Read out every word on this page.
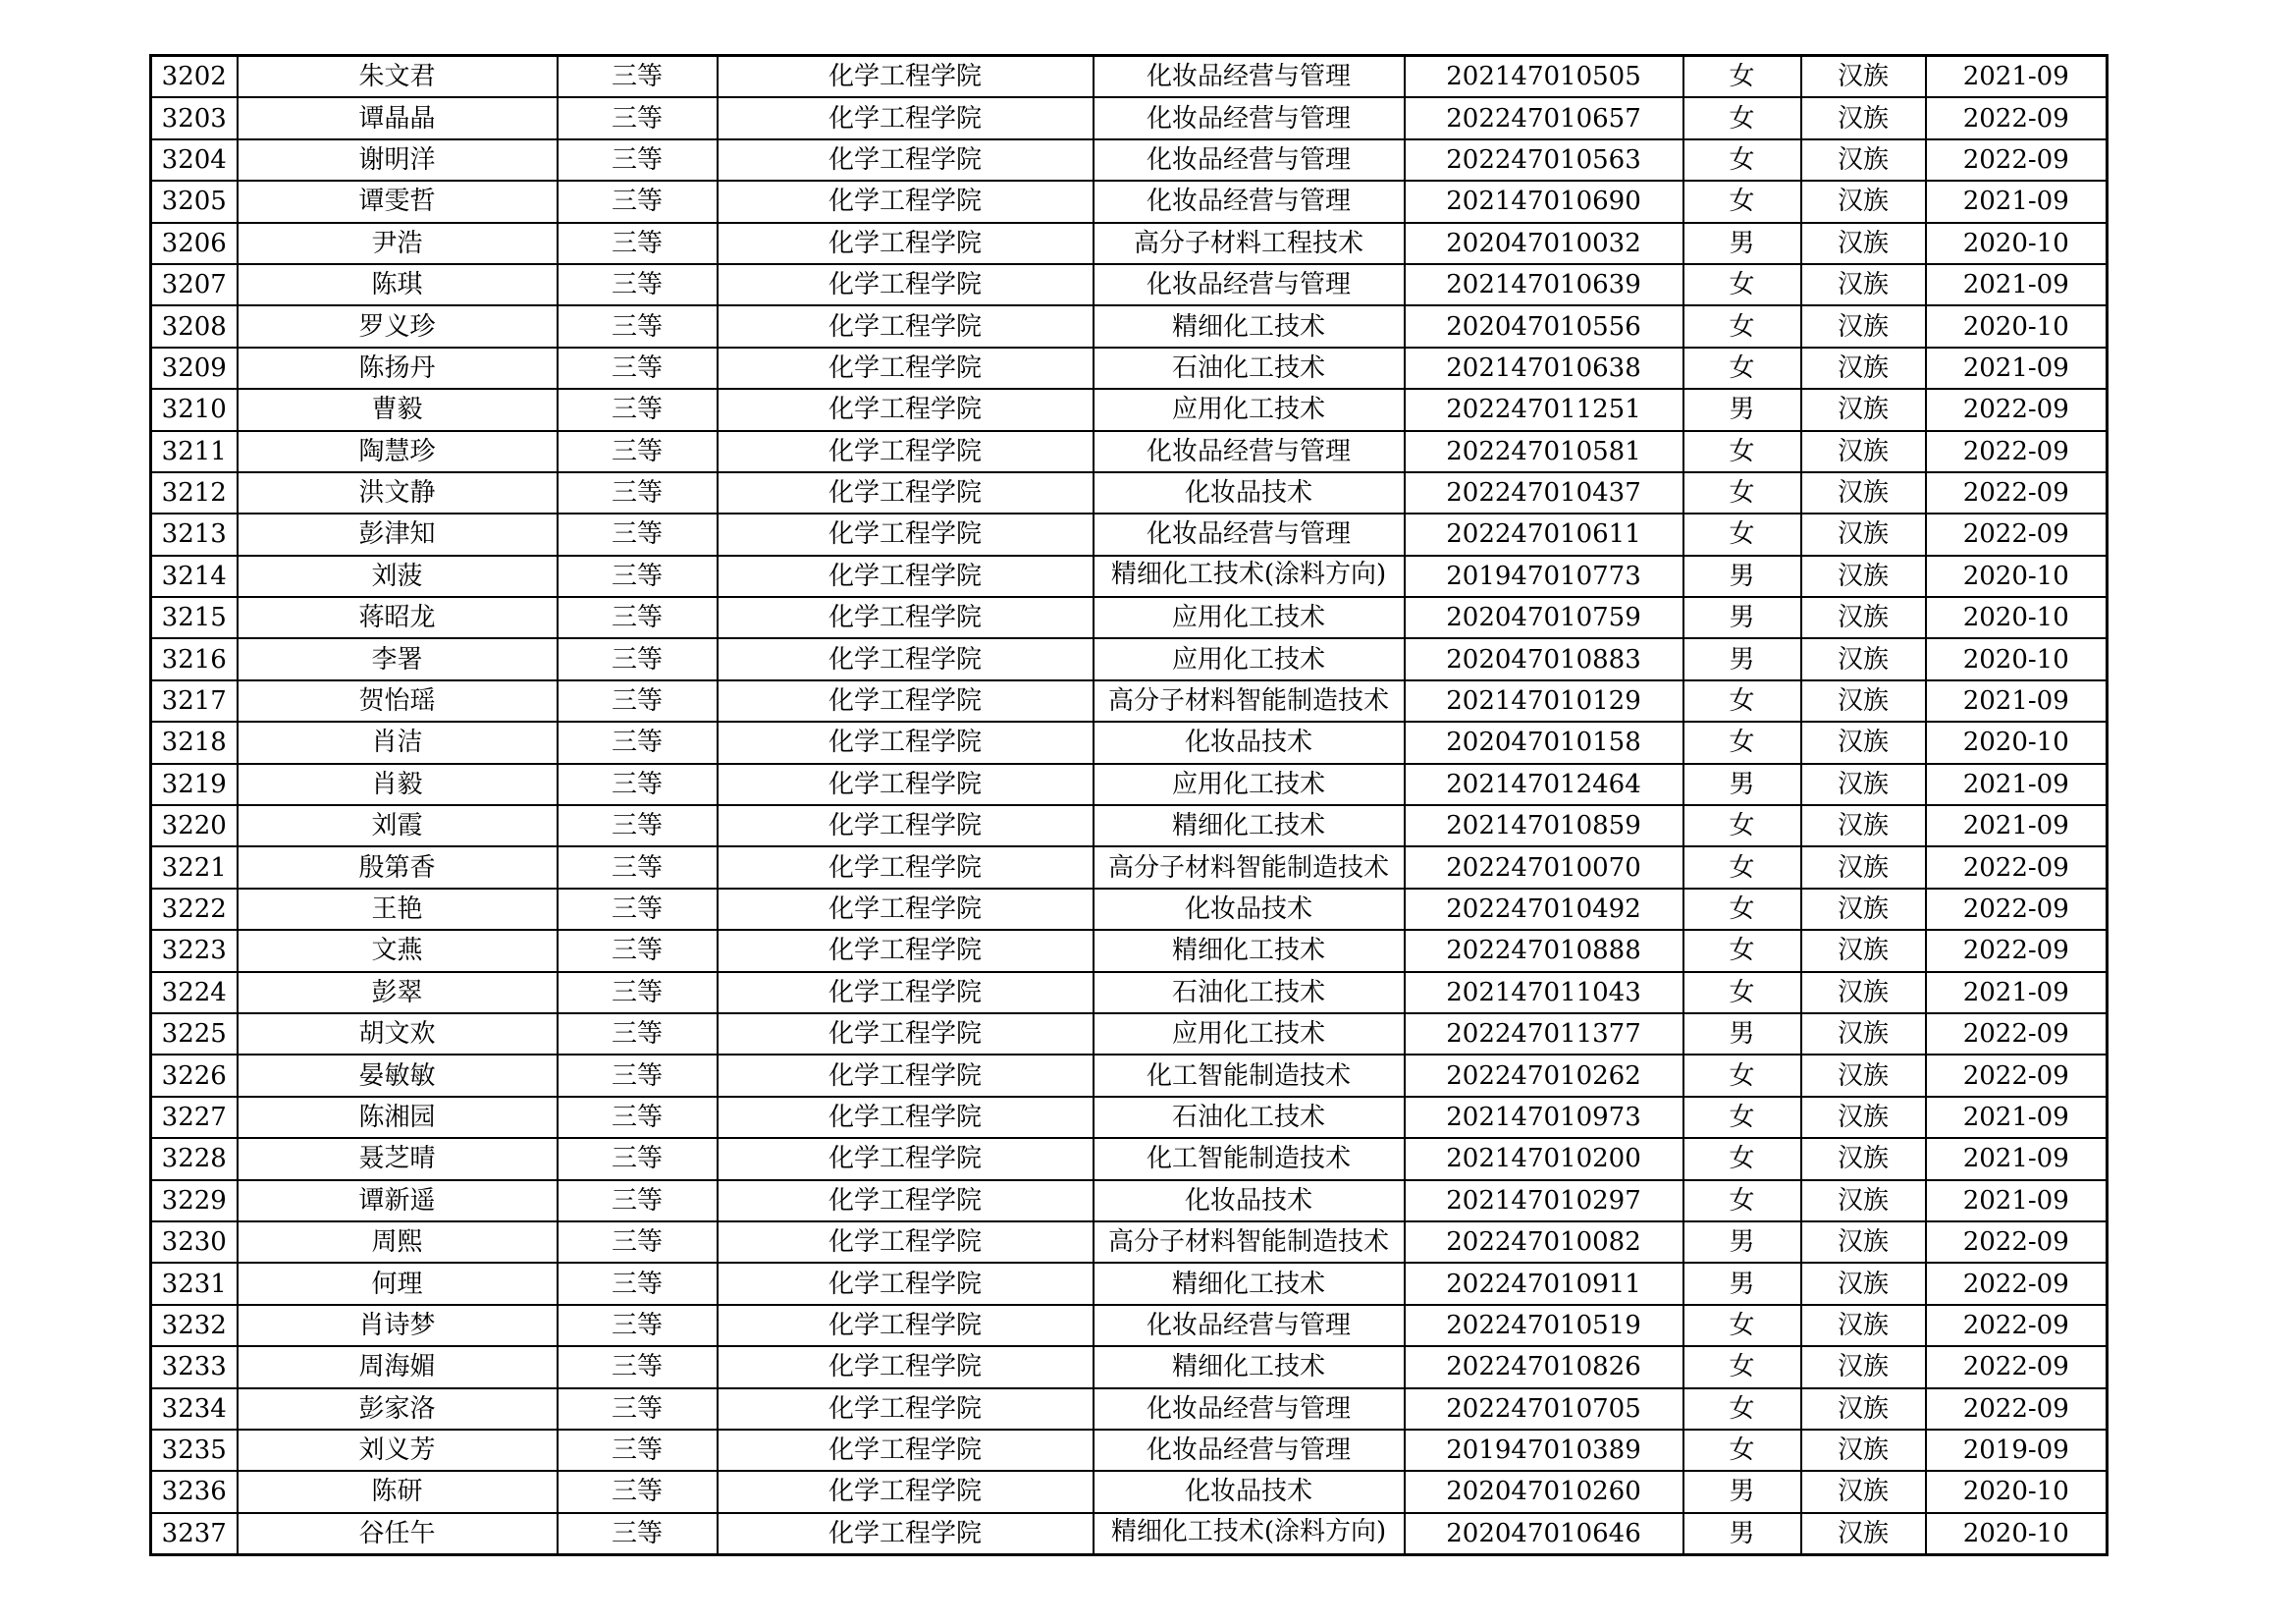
3202	朱文君	三等	化学工程学院	化妆品经营与管理	202147010505	女	汉族	2021-09
3203	谭晶晶	三等	化学工程学院	化妆品经营与管理	202247010657	女	汉族	2022-09
3204	谢明洋	三等	化学工程学院	化妆品经营与管理	202247010563	女	汉族	2022-09
3205	谭雯哲	三等	化学工程学院	化妆品经营与管理	202147010690	女	汉族	2021-09
3206	尹浩	三等	化学工程学院	高分子材料工程技术	202047010032	男	汉族	2020-10
3207	陈琪	三等	化学工程学院	化妆品经营与管理	202147010639	女	汉族	2021-09
3208	罗义珍	三等	化学工程学院	精细化工技术	202047010556	女	汉族	2020-10
3209	陈扬丹	三等	化学工程学院	石油化工技术	202147010638	女	汉族	2021-09
3210	曹毅	三等	化学工程学院	应用化工技术	202247011251	男	汉族	2022-09
3211	陶慧珍	三等	化学工程学院	化妆品经营与管理	202247010581	女	汉族	2022-09
3212	洪文静	三等	化学工程学院	化妆品技术	202247010437	女	汉族	2022-09
3213	彭津知	三等	化学工程学院	化妆品经营与管理	202247010611	女	汉族	2022-09
3214	刘菠	三等	化学工程学院	精细化工技术(涂料方向)	201947010773	男	汉族	2020-10
3215	蒋昭龙	三等	化学工程学院	应用化工技术	202047010759	男	汉族	2020-10
3216	李署	三等	化学工程学院	应用化工技术	202047010883	男	汉族	2020-10
3217	贺怡瑶	三等	化学工程学院	高分子材料智能制造技术	202147010129	女	汉族	2021-09
3218	肖洁	三等	化学工程学院	化妆品技术	202047010158	女	汉族	2020-10
3219	肖毅	三等	化学工程学院	应用化工技术	202147012464	男	汉族	2021-09
3220	刘霞	三等	化学工程学院	精细化工技术	202147010859	女	汉族	2021-09
3221	殷第香	三等	化学工程学院	高分子材料智能制造技术	202247010070	女	汉族	2022-09
3222	王艳	三等	化学工程学院	化妆品技术	202247010492	女	汉族	2022-09
3223	文燕	三等	化学工程学院	精细化工技术	202247010888	女	汉族	2022-09
3224	彭翠	三等	化学工程学院	石油化工技术	202147011043	女	汉族	2021-09
3225	胡文欢	三等	化学工程学院	应用化工技术	202247011377	男	汉族	2022-09
3226	晏敏敏	三等	化学工程学院	化工智能制造技术	202247010262	女	汉族	2022-09
3227	陈湘园	三等	化学工程学院	石油化工技术	202147010973	女	汉族	2021-09
3228	聂芝晴	三等	化学工程学院	化工智能制造技术	202147010200	女	汉族	2021-09
3229	谭新遥	三等	化学工程学院	化妆品技术	202147010297	女	汉族	2021-09
3230	周熙	三等	化学工程学院	高分子材料智能制造技术	202247010082	男	汉族	2022-09
3231	何理	三等	化学工程学院	精细化工技术	202247010911	男	汉族	2022-09
3232	肖诗梦	三等	化学工程学院	化妆品经营与管理	202247010519	女	汉族	2022-09
3233	周海媚	三等	化学工程学院	精细化工技术	202247010826	女	汉族	2022-09
3234	彭家洛	三等	化学工程学院	化妆品经营与管理	202247010705	女	汉族	2022-09
3235	刘义芳	三等	化学工程学院	化妆品经营与管理	201947010389	女	汉族	2019-09
3236	陈研	三等	化学工程学院	化妆品技术	202047010260	男	汉族	2020-10
3237	谷任午	三等	化学工程学院	精细化工技术(涂料方向)	202047010646	男	汉族	2020-10
